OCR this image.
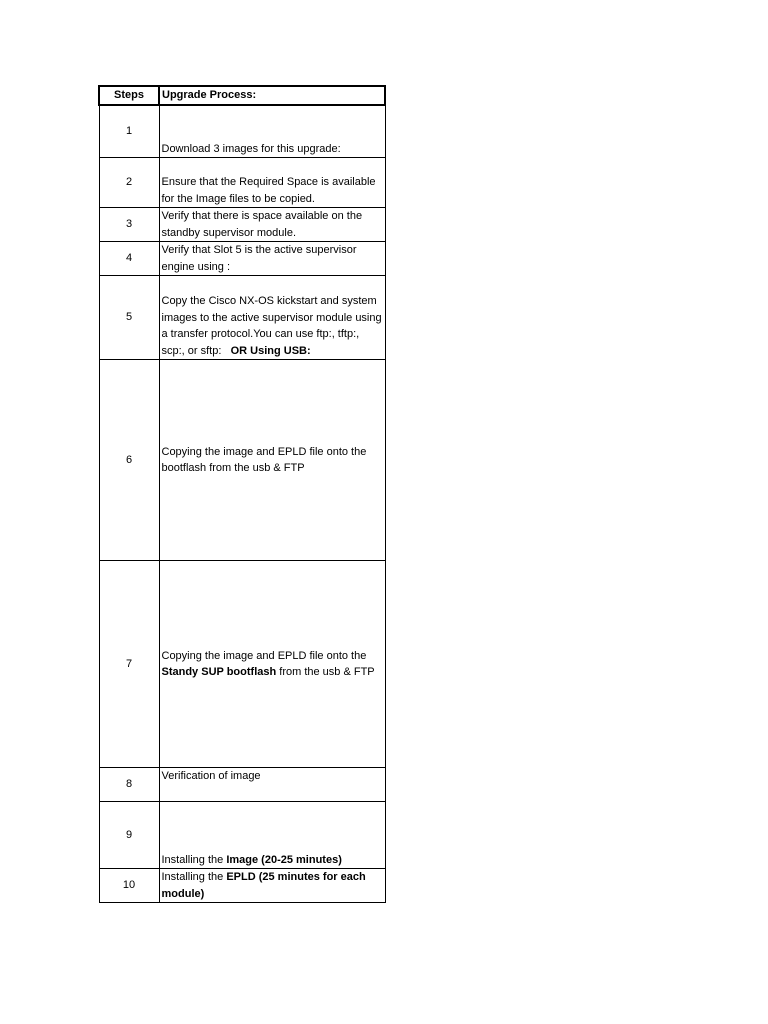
Steps	Upgrade Process:
1	Download 3 images for this upgrade:
2	Ensure that the Required Space is available for the Image files to be copied.
3	Verify that there is space available on the standby supervisor module.
4	Verify that Slot 5 is the active supervisor engine using :
5	Copy the Cisco NX-OS kickstart and system images to the active supervisor module using a transfer protocol.You can use ftp:, tftp:, scp:, or sftp: OR Using USB:
6	Copying the image and EPLD file onto the bootflash from the usb & FTP
7	Copying the image and EPLD file onto the Standy SUP bootflash from the usb & FTP
8	Verification of image
9	Installing the Image (20-25 minutes)
10	Installing the EPLD (25 minutes for each module)
